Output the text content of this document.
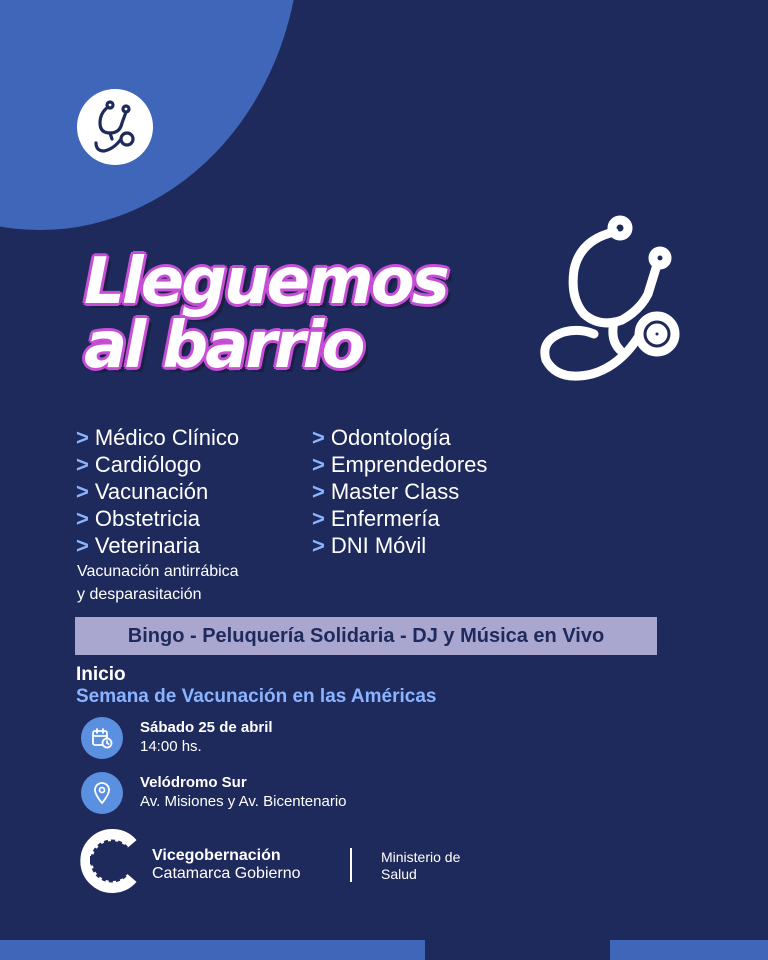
Lleguemos
al barrio
> Médico Clínico
> Cardiólogo
> Vacunación
> Obstetricia
> Veterinaria
> Odontología
> Emprendedores
> Master Class
> Enfermería
> DNI Móvil
Vacunación antirrábica
y desparasitación
Bingo - Peluquería Solidaria - DJ y Música en Vivo
Inicio
Semana de Vacunación en las Américas
Sábado 25 de abril
14:00 hs.
Velódromo Sur
Av. Misiones y Av. Bicentenario
Vicegobernación
Catamarca Gobierno
Ministerio de
Salud
